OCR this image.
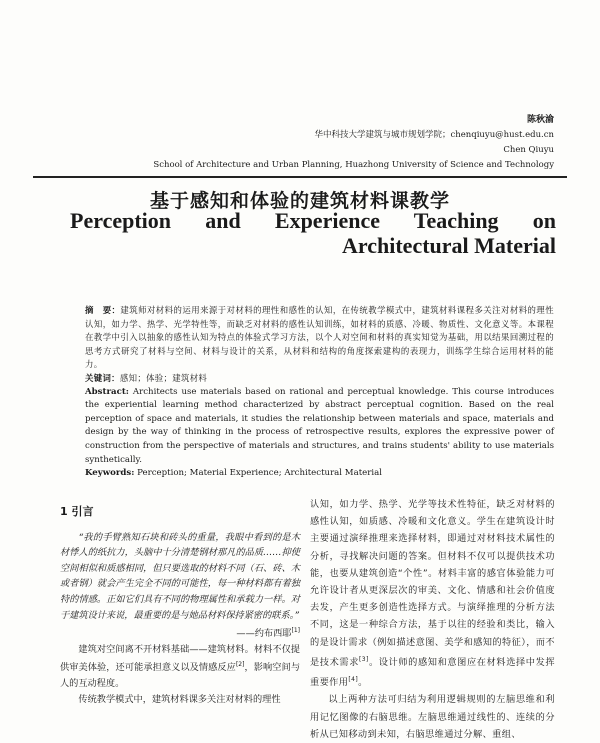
陈秋渝
华中科技大学建筑与城市规划学院；chenqiuyu@hust.edu.cn
Chen Qiuyu
School of Architecture and Urban Planning, Huazhong University of Science and Technology
基于感知和体验的建筑材料课教学
Perception and Experience Teaching on Architectural Material

摘　要：建筑师对材料的运用来源于对材料的理性和感性的认知，在传统教学模式中，建筑材料课程多关注对材料的理性认知，如力学、热学、光学特性等，而缺乏对材料的感性认知训练，如材料的质感、冷暖、物质性、文化意义等。本课程在教学中引入以抽象的感性认知为特点的体验式学习方法，以个人对空间和材料的真实知觉为基础，用以结果回溯过程的思考方式研究了材料与空间、材料与设计的关系，从材料和结构的角度探索建构的表现力，训练学生综合运用材料的能力。

关键词：感知；体验；建筑材料

Abstract: Architects use materials based on rational and perceptual knowledge. This course introduces the experiential learning method characterized by abstract perceptual cognition. Based on the real perception of space and materials, it studies the relationship between materials and space, materials and design by the way of thinking in the process of retrospective results, explores the expressive power of construction from the perspective of materials and structures, and trains students' ability to use materials synthetically.

Keywords: Perception; Material Experience; Architectural Material

1 引言

“我的手臂熟知石块和砖头的重量，我眼中看到的是木材悸人的纸抗力，头脑中十分清楚钢材那凡的品质……抑使空间相似和质感相同，但只要选取的材料不同（石、砖、木或者钢）就会产生完全不同的可能性，每一种材料都有着独特的情感。正如它们具有不同的物理属性和承载力一样。对于建筑设计来说，最重要的是与她品材料保持紧密的联系。”

——约布西耶[1]

建筑对空间离不开材料基础——建筑材料。材料不仅提供审美体验，还可能承担意义以及情感反应[2]，影响空间与人的互动程度。

传统教学模式中，建筑材料课多关注对材料的理性

认知，如力学、热学、光学等技术性特征，缺乏对材料的感性认知，如质感、冷暖和文化意义。学生在建筑设计时主要通过演绎推理来选择材料，即通过对材料技术属性的分析，寻找解决问题的答案。但材料不仅可以提供技术功能，也要从建筑创造“个性”。材料丰富的感官体验能力可允许设计者从更深层次的审美、文化、情感和社会价值度去发，产生更多创造性选择方式。与演绎推理的分析方法不同，这是一种综合方法，基于以往的经验和类比，输入的是设计需求（例如描述意图、美学和感知的特征），而不是技术需求[3]。设计师的感知和意图应在材料选择中发挥重要作用[4]。

以上两种方法可归结为利用逻辑规则的左脑思维和利用记忆图像的右脑思维。左脑思维通过线性的、连续的分析从已知移动到未知，右脑思维通过分解、重组、
